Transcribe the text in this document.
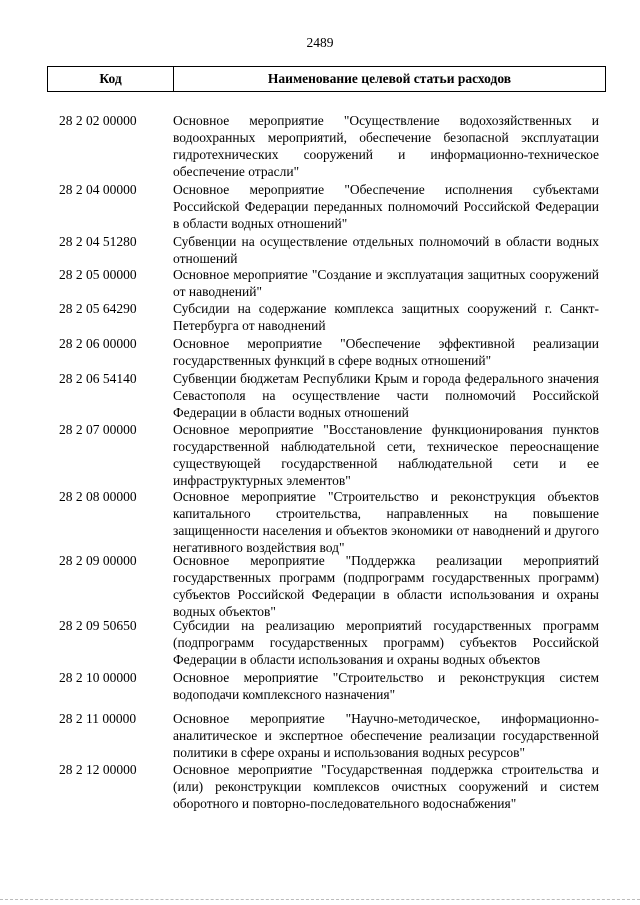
2489
Код	Наименование целевой статьи расходов
28 2 02 00000	Основное мероприятие "Осуществление водохозяйственных и водоохранных мероприятий, обеспечение безопасной эксплуатации гидротехнических сооружений и информационно-техническое обеспечение отрасли"
28 2 04 00000	Основное мероприятие "Обеспечение исполнения субъектами Российской Федерации переданных полномочий Российской Федерации в области водных отношений"
28 2 04 51280	Субвенции на осуществление отдельных полномочий в области водных отношений
28 2 05 00000	Основное мероприятие "Создание и эксплуатация защитных сооружений от наводнений"
28 2 05 64290	Субсидии на содержание комплекса защитных сооружений г. Санкт-Петербурга от наводнений
28 2 06 00000	Основное мероприятие "Обеспечение эффективной реализации государственных функций в сфере водных отношений"
28 2 06 54140	Субвенции бюджетам Республики Крым и города федерального значения Севастополя на осуществление части полномочий Российской Федерации в области водных отношений
28 2 07 00000	Основное мероприятие "Восстановление функционирования пунктов государственной наблюдательной сети, техническое переоснащение существующей государственной наблюдательной сети и ее инфраструктурных элементов"
28 2 08 00000	Основное мероприятие "Строительство и реконструкция объектов капитального строительства, направленных на повышение защищенности населения и объектов экономики от наводнений и другого негативного воздействия вод"
28 2 09 00000	Основное мероприятие "Поддержка реализации мероприятий государственных программ (подпрограмм государственных программ) субъектов Российской Федерации в области использования и охраны водных объектов"
28 2 09 50650	Субсидии на реализацию мероприятий государственных программ (подпрограмм государственных программ) субъектов Российской Федерации в области использования и охраны водных объектов
28 2 10 00000	Основное мероприятие "Строительство и реконструкция систем водоподачи комплексного назначения"
28 2 11 00000	Основное мероприятие "Научно-методическое, информационно-аналитическое и экспертное обеспечение реализации государственной политики в сфере охраны и использования водных ресурсов"
28 2 12 00000	Основное мероприятие "Государственная поддержка строительства и (или) реконструкции комплексов очистных сооружений и систем оборотного и повторно-последовательного водоснабжения"
